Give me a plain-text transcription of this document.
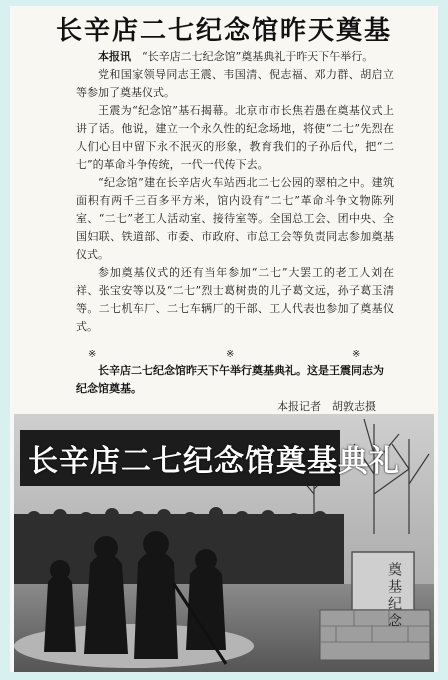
长辛店二七纪念馆昨天奠基

本报讯　 “长辛店二七纪念馆”奠基典礼于昨天下午举行。

党和国家领导同志王震、韦国清、倪志福、邓力群、胡启立等参加了奠基仪式。

王震为“纪念馆”基石揭幕。北京市市长焦若愚在奠基仪式上讲了话。他说，建立一个永久性的纪念场地，将使“二七”先烈在人们心目中留下永不泯灭的形象，教育我们的子孙后代，把“二七”的革命斗争传统，一代一代传下去。

“纪念馆”建在长辛店火车站西北二七公园的翠柏之中。建筑面积有两千三百多平方米，馆内设有“二七”革命斗争文物陈列室、“二七”老工人活动室、接待室等。全国总工会、团中央、全国妇联、铁道部、市委、市政府、市总工会等负责同志参加奠基仪式。

参加奠基仪式的还有当年参加“二七”大罢工的老工人刘在祥、张宝安等以及“二七”烈士葛树贵的儿子葛文远，孙子葛玉清等。二七机车厂、二七车辆厂的干部、工人代表也参加了奠基仪式。

※	※	※
长辛店二七纪念馆昨天下午举行奠基典礼。这是王震同志为纪念馆奠基。
本报记者　胡敦志摄
长辛店二七纪念馆奠基典礼
奠基纪念
